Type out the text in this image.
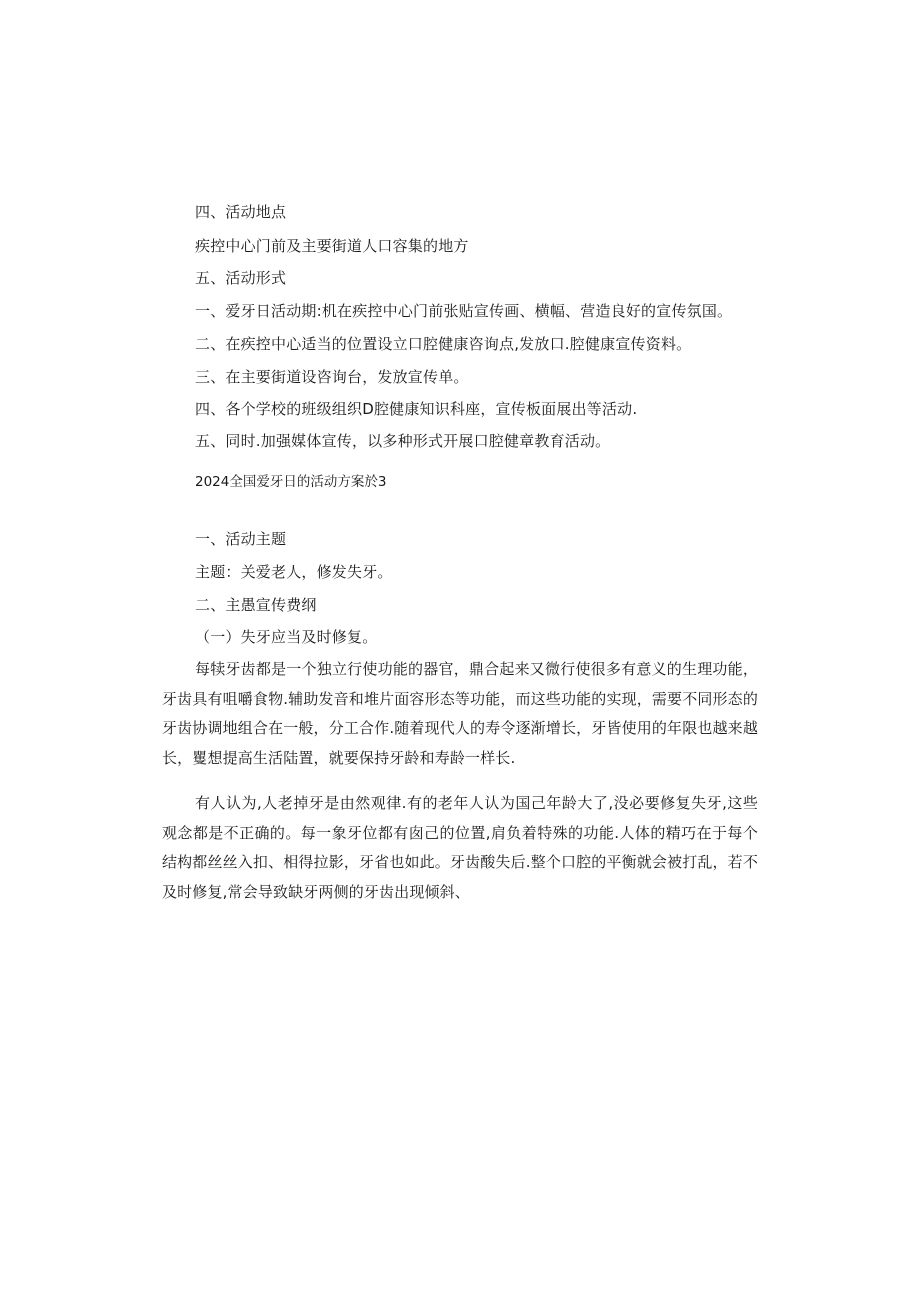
四、活动地点
疾控中心门前及主要街道人口容集的地方
五、活动形式
一、爱牙日活动期:机在疾控中心门前张贴宣传画、横幅、营造良好的宣传氛国。
二、在疾控中心适当的位置设立口腔健康咨询点,发放口.腔健康宣传资料。
三、在主要街道设咨询台，发放宣传单。
四、各个学校的班级组织D腔健康知识科座，宣传板面展出等活动.
五、同时.加强媒体宣传，以多种形式开展口腔健章教育活动。
2024全国爱牙日的活动方案於3
一、活动主题
主题：关爱老人，修发失牙。
二、主愚宣传费纲
（一）失牙应当及时修复。
每犊牙齿都是一个独立行使功能的器官，鼎合起来又微行使很多有意义的生理功能，牙齿具有咀嚼食物.辅助发音和堆片面容形态等功能，而这些功能的实现，需要不同形态的牙齿协调地组合在一般，分工合作.随着现代人的寿令逐渐增长，牙皆使用的年限也越来越长，矍想提高生活陆置，就要保持牙龄和寿龄一样长.
有人认为,人老掉牙是由然观律.有的老年人认为国己年龄大了,没必要修复失牙,这些观念都是不正确的。每一象牙位都有囱己的位置,肩负着特殊的功能.人体的精巧在于每个结构都丝丝入扣、相得拉影，牙省也如此。牙齿酸失后.整个口腔的平衡就会被打乱，若不及时修复,常会导致缺牙两侧的牙齿出现倾斜、
